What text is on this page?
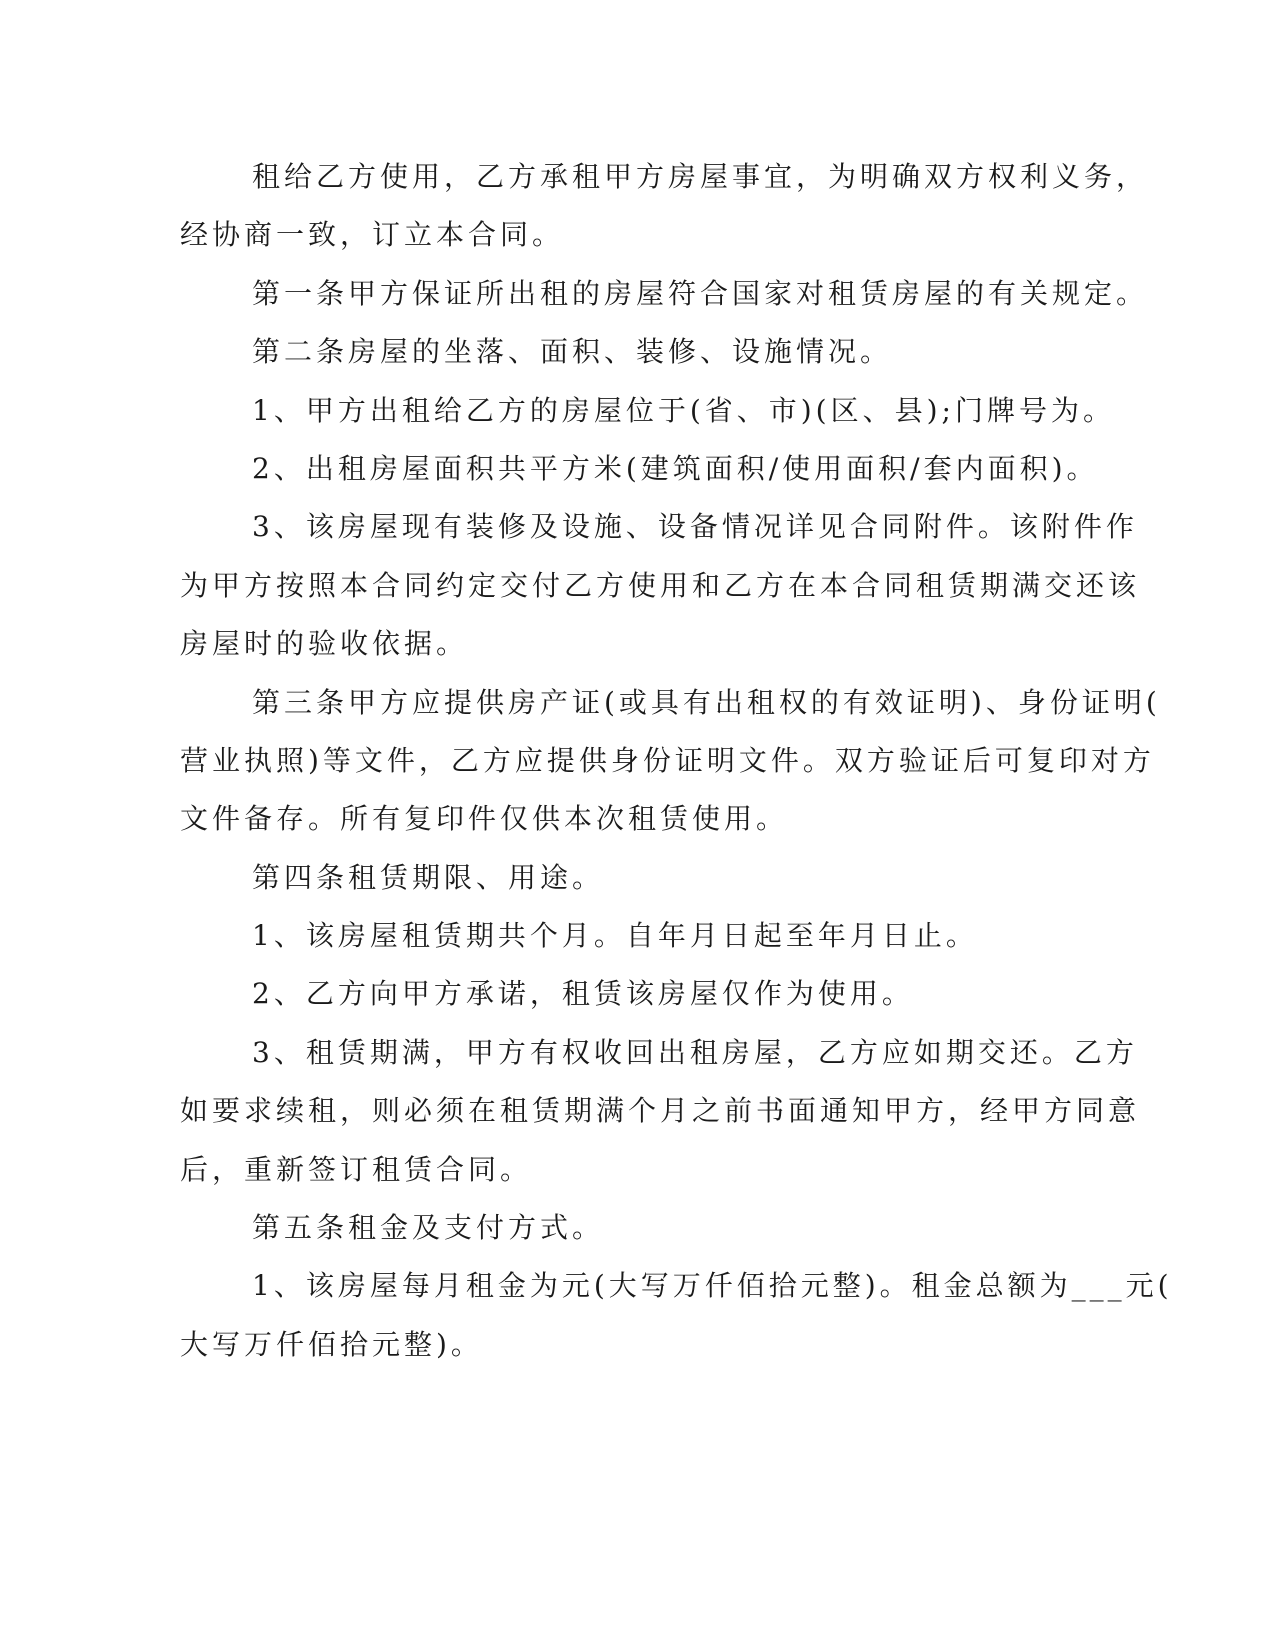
租给乙方使用，乙方承租甲方房屋事宜，为明确双方权利义务，
经协商一致，订立本合同。
第一条甲方保证所出租的房屋符合国家对租赁房屋的有关规定。
第二条房屋的坐落、面积、装修、设施情况。
1、甲方出租给乙方的房屋位于(省、市)(区、县);门牌号为。
2、出租房屋面积共平方米(建筑面积/使用面积/套内面积)。
3、该房屋现有装修及设施、设备情况详见合同附件。该附件作
为甲方按照本合同约定交付乙方使用和乙方在本合同租赁期满交还该
房屋时的验收依据。
第三条甲方应提供房产证(或具有出租权的有效证明)、身份证明(
营业执照)等文件，乙方应提供身份证明文件。双方验证后可复印对方
文件备存。所有复印件仅供本次租赁使用。
第四条租赁期限、用途。
1、该房屋租赁期共个月。自年月日起至年月日止。
2、乙方向甲方承诺，租赁该房屋仅作为使用。
3、租赁期满，甲方有权收回出租房屋，乙方应如期交还。乙方
如要求续租，则必须在租赁期满个月之前书面通知甲方，经甲方同意
后，重新签订租赁合同。
第五条租金及支付方式。
1、该房屋每月租金为元(大写万仟佰拾元整)。租金总额为___元(
大写万仟佰拾元整)。
